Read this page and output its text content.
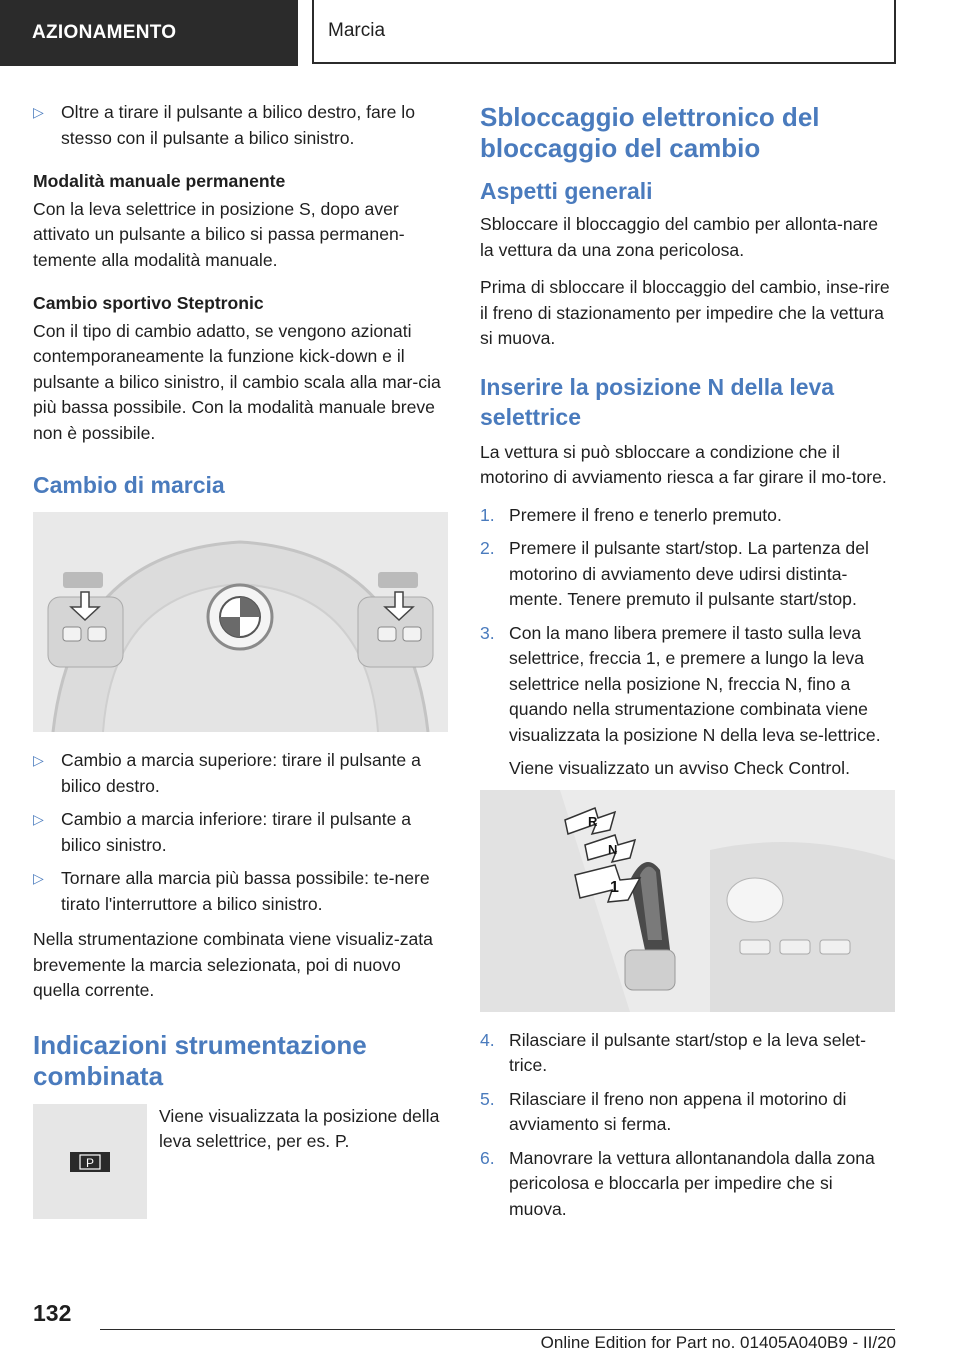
AZIONAMENTO	Marcia
▷ Oltre a tirare il pulsante a bilico destro, fare lo stesso con il pulsante a bilico sinistro.
Modalità manuale permanente

Con la leva selettrice in posizione S, dopo aver attivato un pulsante a bilico si passa permanen-temente alla modalità manuale.

Cambio sportivo Steptronic

Con il tipo di cambio adatto, se vengono azionati contemporaneamente la funzione kick-down e il pulsante a bilico sinistro, il cambio scala alla mar-cia più bassa possibile. Con la modalità manuale breve non è possibile.

Cambio di marcia
▷ Cambio a marcia superiore: tirare il pulsante a bilico destro.
▷ Cambio a marcia inferiore: tirare il pulsante a bilico sinistro.
▷ Tornare alla marcia più bassa possibile: te-nere tirato l'interruttore a bilico sinistro.

Nella strumentazione combinata viene visualiz-zata brevemente la marcia selezionata, poi di nuovo quella corrente.

Indicazioni strumentazione combinata
P
Viene visualizzata la posizione della leva selettrice, per es. P.
Sbloccaggio elettronico del bloccaggio del cambio
Aspetti generali

Sbloccare il bloccaggio del cambio per allonta-nare la vettura da una zona pericolosa.

Prima di sbloccare il bloccaggio del cambio, inse-rire il freno di stazionamento per impedire che la vettura si muova.

Inserire la posizione N della leva selettrice

La vettura si può sbloccare a condizione che il motorino di avviamento riesca a far girare il mo-tore.

1. Premere il freno e tenerlo premuto.
2. Premere il pulsante start/stop. La partenza del motorino di avviamento deve udirsi distinta-mente. Tenere premuto il pulsante start/stop.
3. Con la mano libera premere il tasto sulla leva selettrice, freccia 1, e premere a lungo la leva selettrice nella posizione N, freccia N, fino a quando nella strumentazione combinata viene visualizzata la posizione N della leva se-lettrice.
Viene visualizzato un avviso Check Control.
R
N
1
4. Rilasciare il pulsante start/stop e la leva selet-trice.
5. Rilasciare il freno non appena il motorino di avviamento si ferma.
6. Manovrare la vettura allontanandola dalla zona pericolosa e bloccarla per impedire che si muova.
132
Online Edition for Part no. 01405A040B9 - II/20
